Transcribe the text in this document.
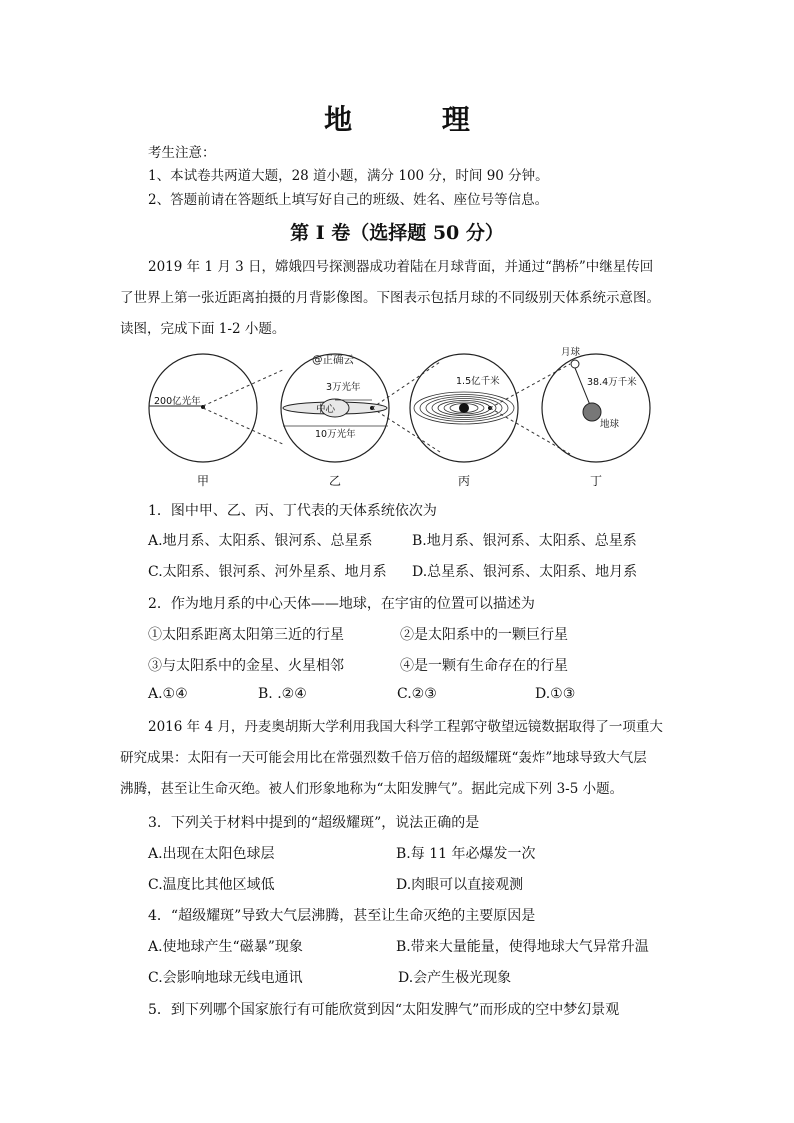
地 理
考生注意：
1、本试卷共两道大题，28 道小题，满分 100 分，时间 90 分钟。
2、答题前请在答题纸上填写好自己的班级、姓名、座位号等信息。
第 I 卷（选择题 50 分）
2019 年 1 月 3 日，嫦娥四号探测器成功着陆在月球背面，并通过“鹊桥”中继星传回
了世界上第一张近距离拍摄的月背影像图。下图表示包括月球的不同级别天体系统示意图。
读图，完成下面 1-2 小题。
200亿光年
@正确云
3万光年
中心
10万光年
1.5亿千米
月球
38.4万千米
地球
甲	乙	丙	丁
1．图中甲、乙、丙、丁代表的天体系统依次为
A.地月系、太阳系、银河系、总星系	B.地月系、银河系、太阳系、总星系
C.太阳系、银河系、河外星系、地月系 D.总星系、银河系、太阳系、地月系
2．作为地月系的中心天体——地球，在宇宙的位置可以描述为
①太阳系距离太阳第三近的行星	②是太阳系中的一颗巨行星
③与太阳系中的金星、火星相邻	④是一颗有生命存在的行星
A.①④	B. .②④	C.②③	D.①③
2016 年 4 月，丹麦奥胡斯大学利用我国大科学工程郭守敬望远镜数据取得了一项重大
研究成果：太阳有一天可能会用比在常强烈数千倍万倍的超级耀斑“轰炸”地球导致大气层
沸腾，甚至让生命灭绝。被人们形象地称为“太阳发脾气”。据此完成下列 3-5 小题。
3．下列关于材料中提到的“超级耀斑”，说法正确的是
A.出现在太阳色球层	B.每 11 年必爆发一次
C.温度比其他区域低	D.肉眼可以直接观测
4．“超级耀斑”导致大气层沸腾，甚至让生命灭绝的主要原因是
A.使地球产生“磁暴”现象	B.带来大量能量，使得地球大气异常升温
C.会影响地球无线电通讯	D.会产生极光现象
5．到下列哪个国家旅行有可能欣赏到因“太阳发脾气”而形成的空中梦幻景观
